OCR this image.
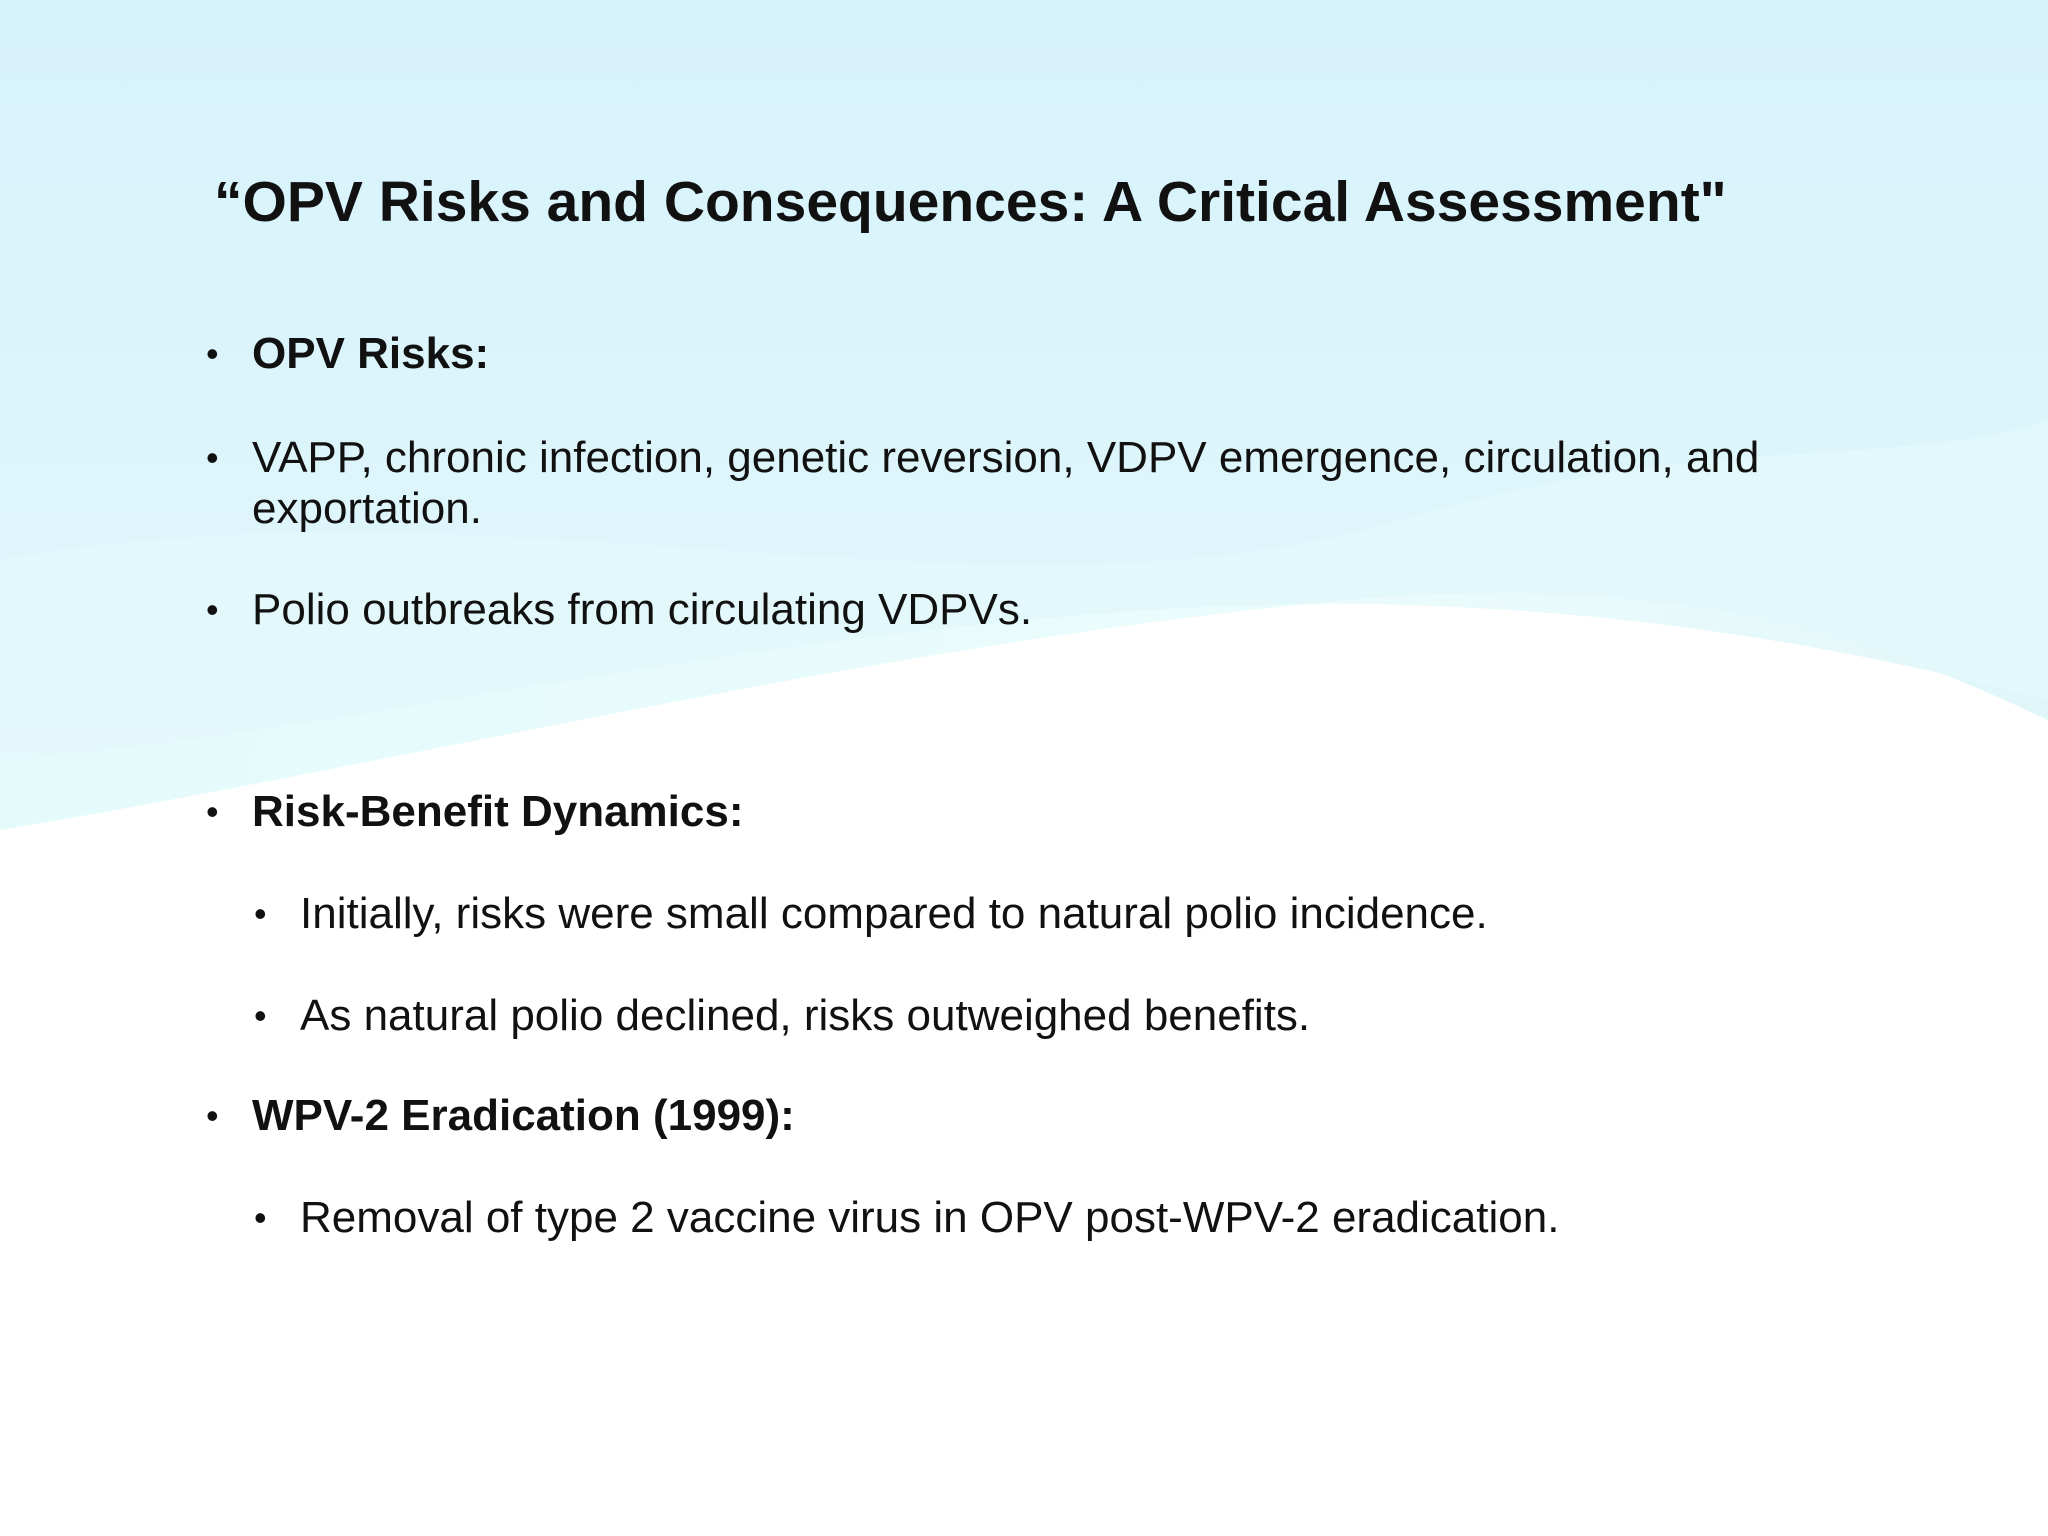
“OPV Risks and Consequences: A Critical Assessment"
• OPV Risks:
• VAPP, chronic infection, genetic reversion, VDPV emergence, circulation, and exportation.
• Polio outbreaks from circulating VDPVs.
• Risk-Benefit Dynamics:
• Initially, risks were small compared to natural polio incidence.
• As natural polio declined, risks outweighed benefits.
• WPV-2 Eradication (1999):
• Removal of type 2 vaccine virus in OPV post-WPV-2 eradication.
